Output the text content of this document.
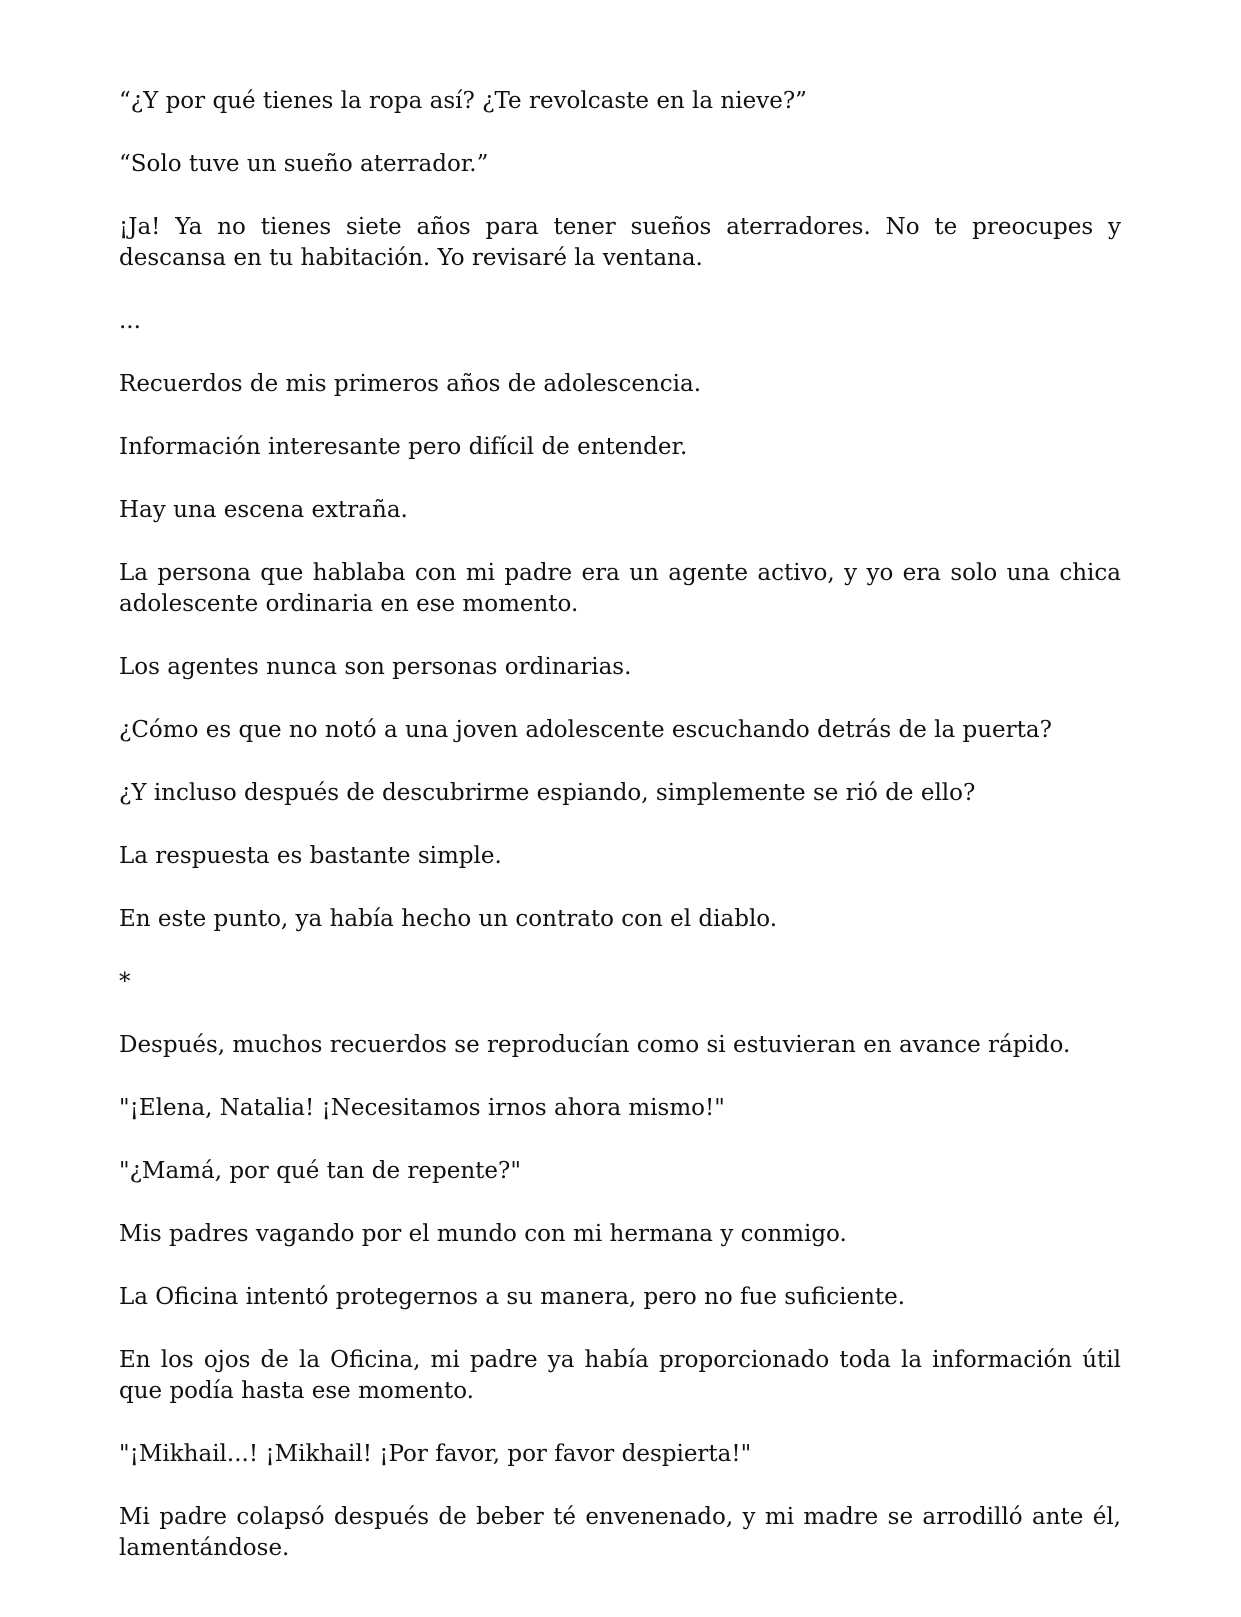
“¿Y por qué tienes la ropa así? ¿Te revolcaste en la nieve?”

“Solo tuve un sueño aterrador.”

¡Ja! Ya no tienes siete años para tener sueños aterradores. No te preocupes y descansa en tu habitación. Yo revisaré la ventana.

...

Recuerdos de mis primeros años de adolescencia.

Información interesante pero difícil de entender.

Hay una escena extraña.

La persona que hablaba con mi padre era un agente activo, y yo era solo una chica adolescente ordinaria en ese momento.

Los agentes nunca son personas ordinarias.

¿Cómo es que no notó a una joven adolescente escuchando detrás de la puerta?

¿Y incluso después de descubrirme espiando, simplemente se rió de ello?

La respuesta es bastante simple.

En este punto, ya había hecho un contrato con el diablo.

*

Después, muchos recuerdos se reproducían como si estuvieran en avance rápido.

"¡Elena, Natalia! ¡Necesitamos irnos ahora mismo!"

"¿Mamá, por qué tan de repente?"

Mis padres vagando por el mundo con mi hermana y conmigo.

La Oficina intentó protegernos a su manera, pero no fue suficiente.

En los ojos de la Oficina, mi padre ya había proporcionado toda la información útil que podía hasta ese momento.

"¡Mikhail...! ¡Mikhail! ¡Por favor, por favor despierta!"

Mi padre colapsó después de beber té envenenado, y mi madre se arrodilló ante él, lamentándose.
